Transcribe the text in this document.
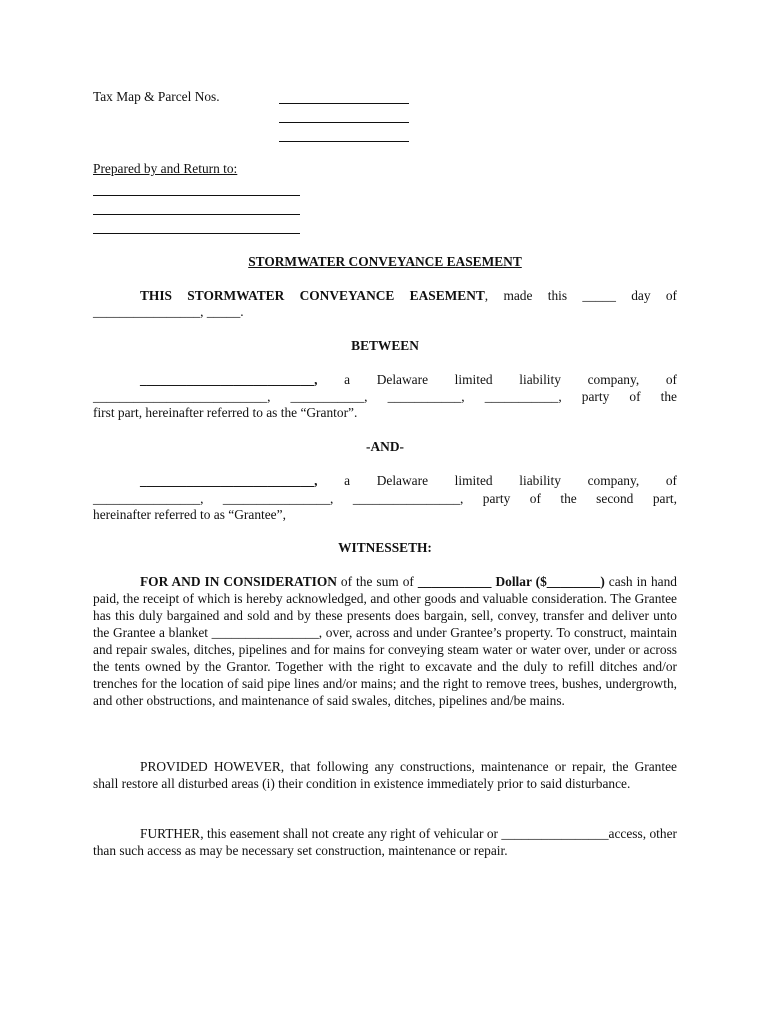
Tax Map & Parcel Nos.
Prepared by and Return to:
STORMWATER CONVEYANCE EASEMENT

THIS STORMWATER CONVEYANCE EASEMENT, made this _____ day of

________________, _____.
BETWEEN

__________________________, a Delaware limited liability company, of

__________________________, ___________, ___________, ___________, party of the

first part, hereinafter referred to as the “Grantor”.
-AND-

__________________________, a Delaware limited liability company, of

________________, ________________, ________________, party of the second part,

hereinafter referred to as “Grantee”,
WITNESSETH:

FOR AND IN CONSIDERATION of the sum of ___________ Dollar ($________) cash in hand paid, the receipt of which is hereby acknowledged, and other goods and valuable consideration. The Grantee has this duly bargained and sold and by these presents does bargain, sell, convey, transfer and deliver unto the Grantee a blanket ________________, over, across and under Grantee’s property. To construct, maintain and repair swales, ditches, pipelines and for mains for conveying steam water or water over, under or across the tents owned by the Grantor. Together with the right to excavate and the duly to refill ditches and/or trenches for the location of said pipe lines and/or mains; and the right to remove trees, bushes, undergrowth, and other obstructions, and maintenance of said swales, ditches, pipelines and/be mains.

PROVIDED HOWEVER, that following any constructions, maintenance or repair, the Grantee shall restore all disturbed areas (i) their condition in existence immediately prior to said disturbance.

FURTHER, this easement shall not create any right of vehicular or ________________access, other than such access as may be necessary set construction, maintenance or repair.
